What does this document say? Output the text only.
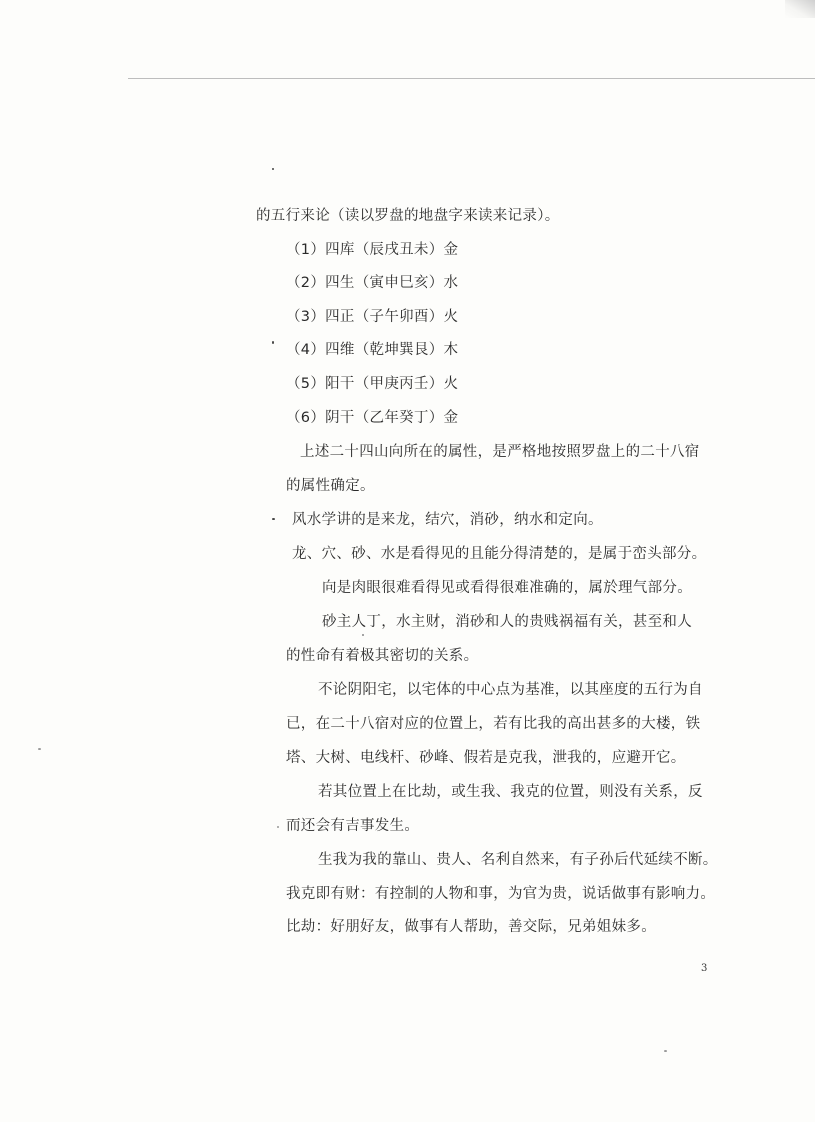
的五行来论（读以罗盘的地盘字来读来记录）。
（1）四库（辰戌丑未）金
（2）四生（寅申巳亥）水
（3）四正（子午卯酉）火
（4）四维（乾坤巽艮）木
（5）阳干（甲庚丙壬）火
（6）阴干（乙年癸丁）金
上述二十四山向所在的属性，是严格地按照罗盘上的二十八宿
的属性确定。
风水学讲的是来龙，结穴，消砂，纳水和定向。
龙、穴、砂、水是看得见的且能分得清楚的，是属于峦头部分。
向是肉眼很难看得见或看得很难准确的，属於理气部分。
砂主人丁，水主财，消砂和人的贵贱祸福有关，甚至和人
的性命有着极其密切的关系。
不论阴阳宅，以宅体的中心点为基准，以其座度的五行为自
已，在二十八宿对应的位置上，若有比我的高出甚多的大楼，铁
塔、大树、电线杆、砂峰、假若是克我，泄我的，应避开它。
若其位置上在比劫，或生我、我克的位置，则没有关系，反
而还会有吉事发生。
生我为我的靠山、贵人、名利自然来，有子孙后代延续不断。
我克即有财：有控制的人物和事，为官为贵，说话做事有影响力。
比劫：好朋好友，做事有人帮助，善交际，兄弟姐妹多。
3
